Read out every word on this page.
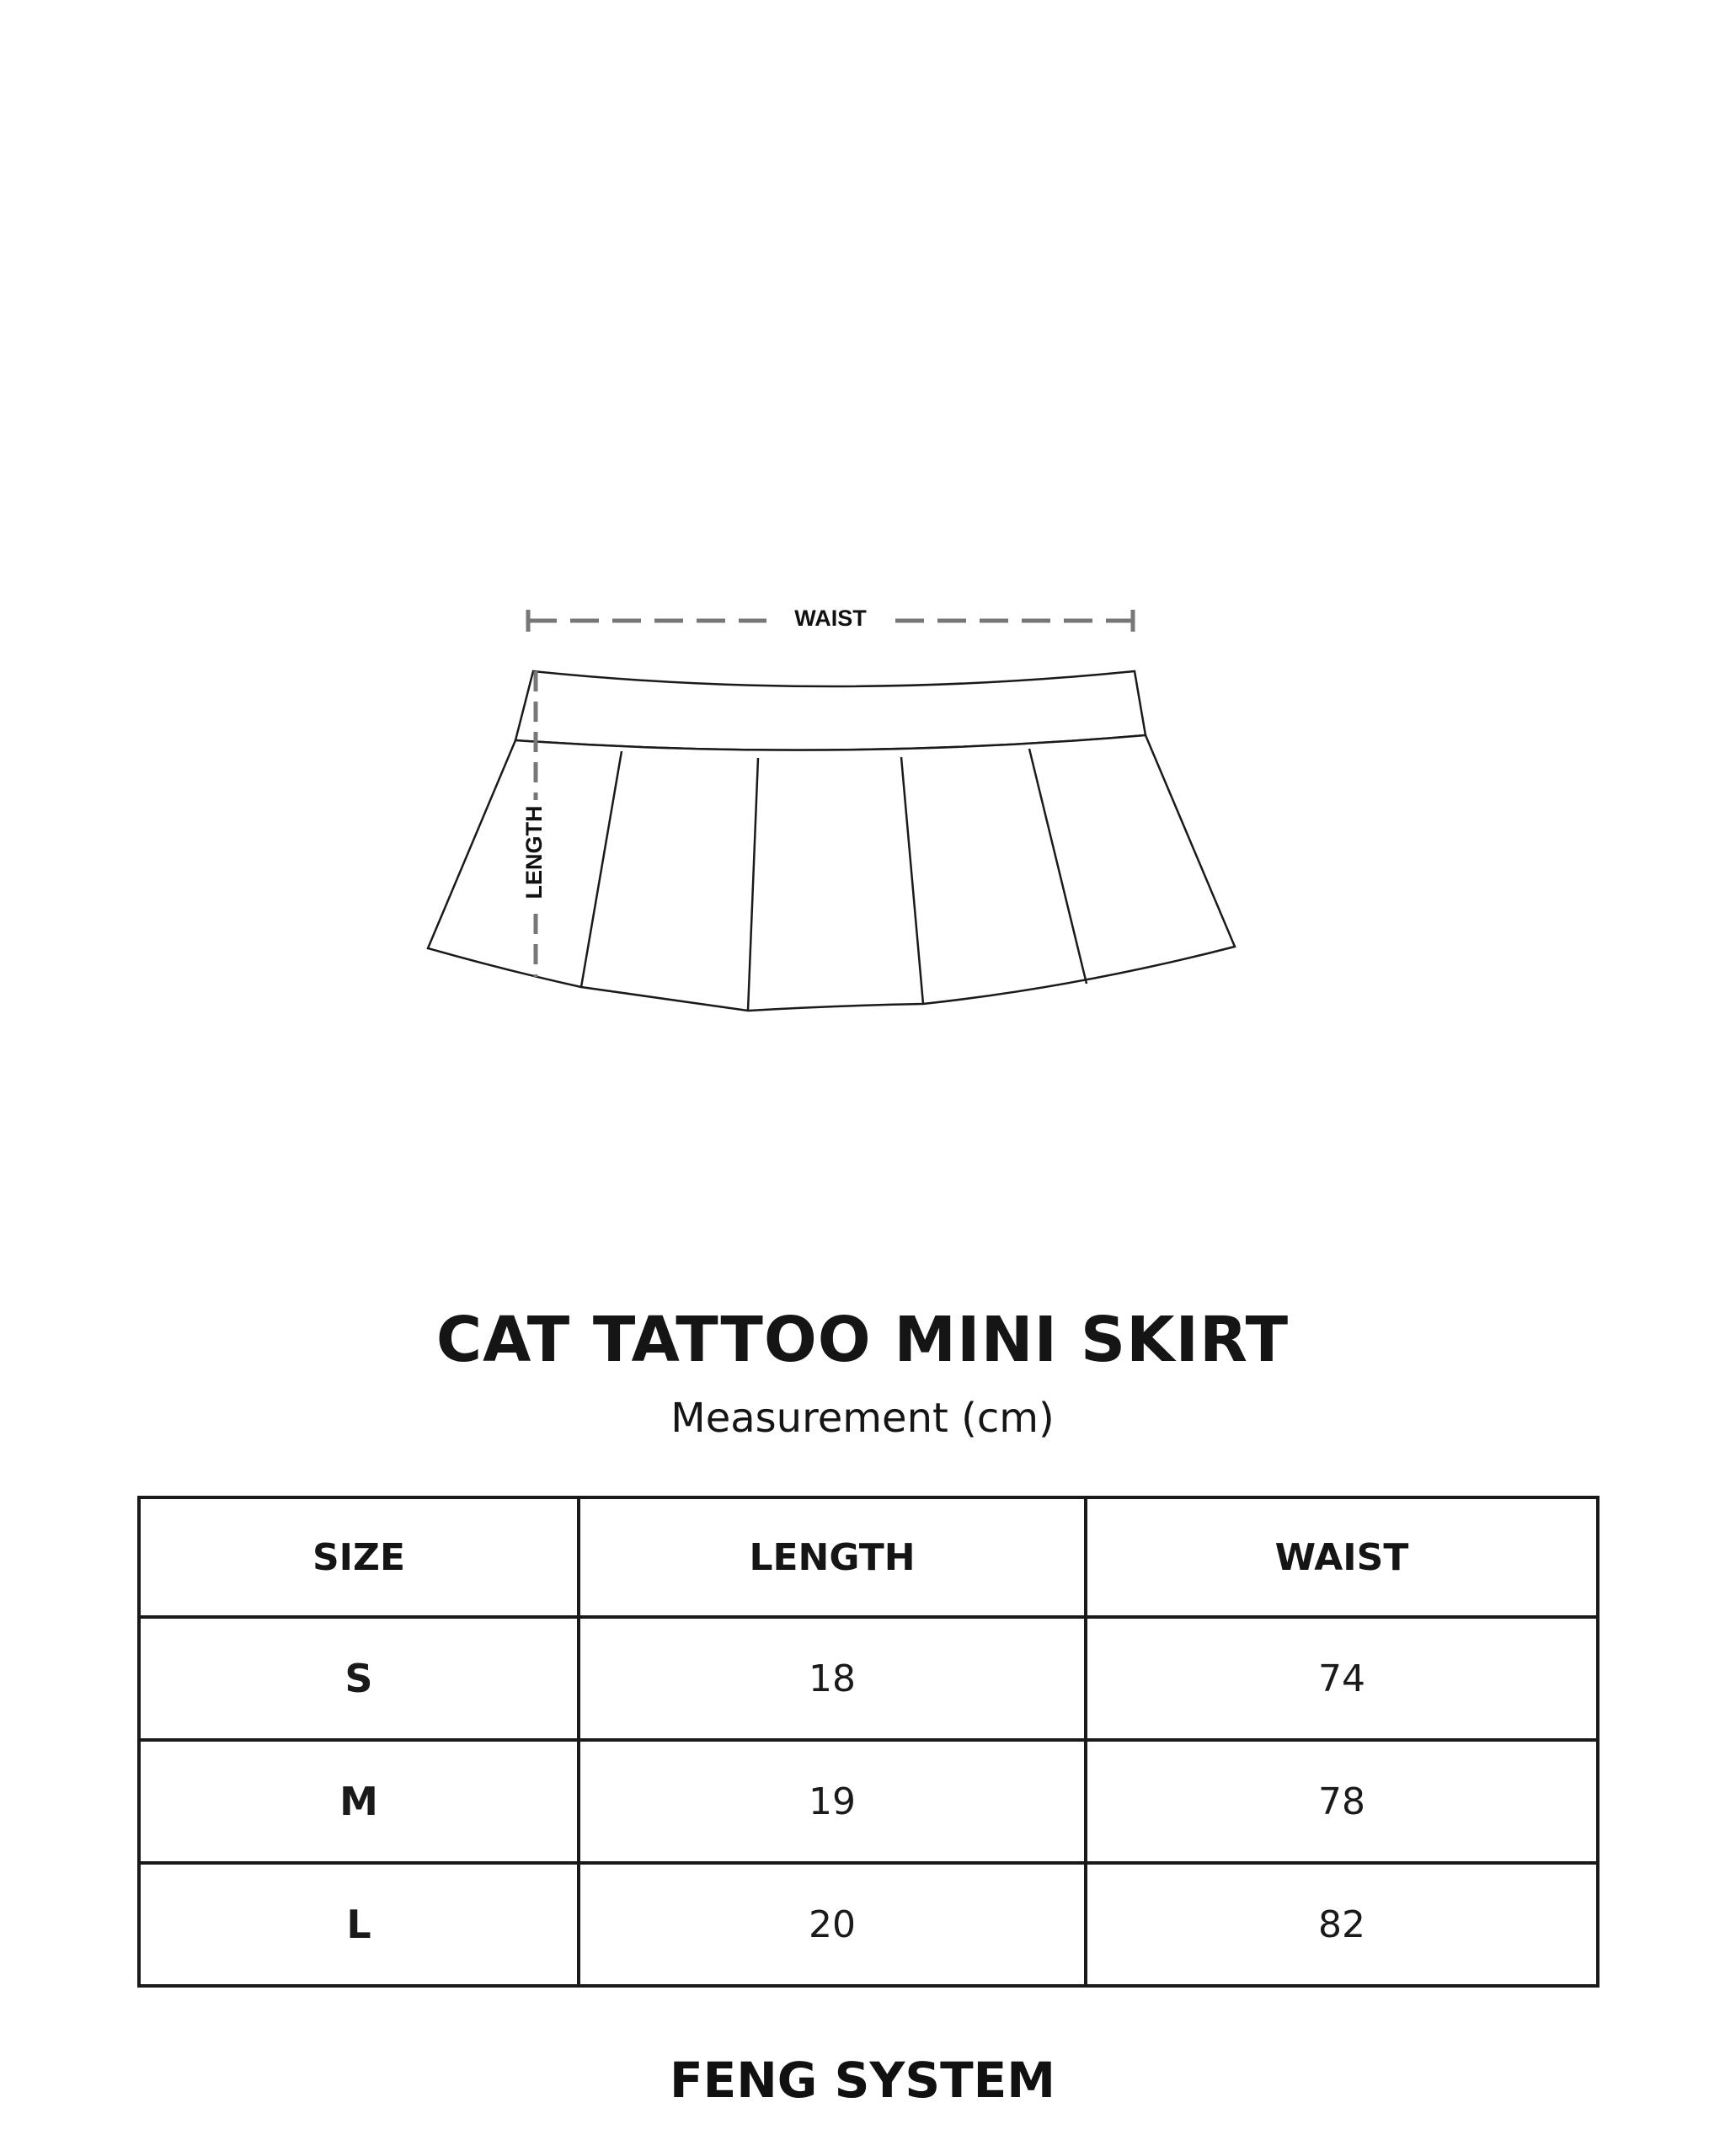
WAIST
LENGTH
CAT TATTOO MINI SKIRT
Measurement (cm)
SIZE	LENGTH	WAIST
S	18	74
M	19	78
L	20	82
FENG SYSTEM
